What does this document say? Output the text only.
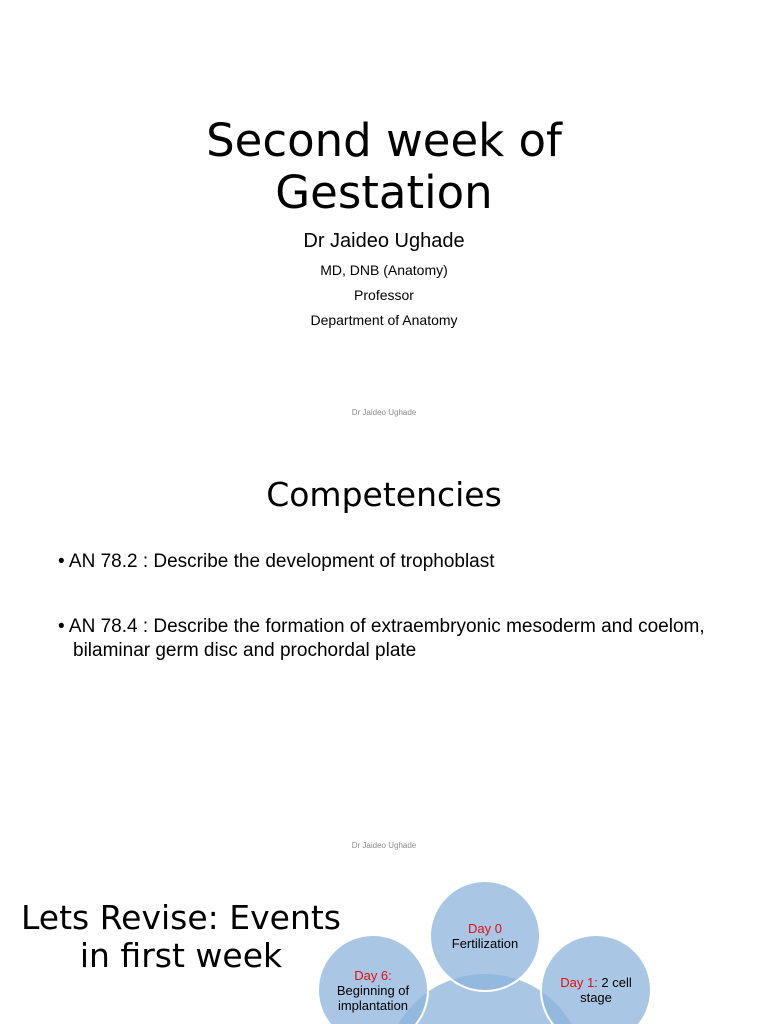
Second week of
Gestation
Dr Jaideo Ughade
MD, DNB (Anatomy)
Professor
Department of Anatomy
Dr Jaideo Ughade
Competencies
• AN 78.2 : Describe the development of trophoblast
• AN 78.4 : Describe the formation of extraembryonic mesoderm and coelom, bilaminar germ disc and prochordal plate
Dr Jaideo Ughade
Lets Revise: Events
in first week	Day 6:
Beginning of implantation
Day 1: 2 cell stage
Day 0
Fertilization
